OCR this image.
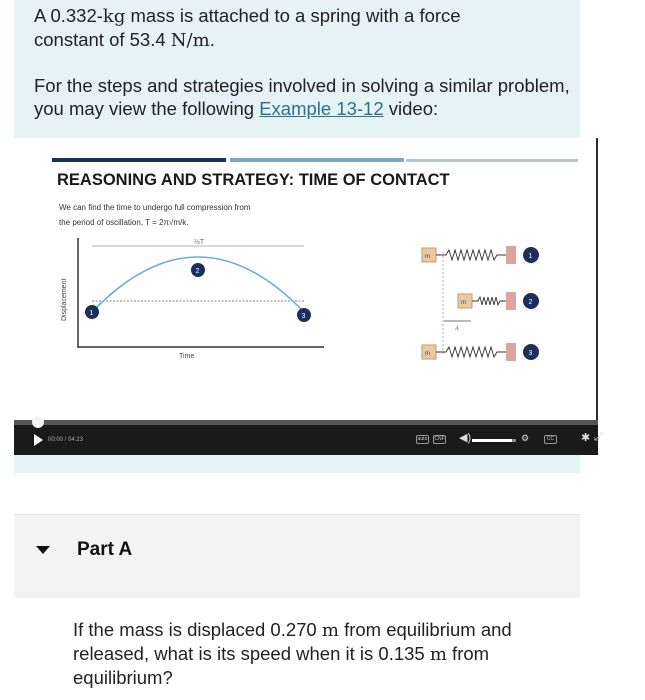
A 0.332-kg mass is attached to a spring with a force
constant of 53.4 N/m.
For the steps and strategies involved in solving a similar problem, you may view the following Example 13-12 video:
REASONING AND STRATEGY: TIME OF CONTACT
We can find the time to undergo full compression from
the period of oscillation, T = 2π√m/k.
Displacement
Time
½T
1
2
3
m	1
m	2
A
m	3
00:00 / 04:23	auto	CNF ◀)	⚙	CC ✱ ⤢
Part A
If the mass is displaced 0.270 m from equilibrium and released, what is its speed when it is 0.135 m from equilibrium?
